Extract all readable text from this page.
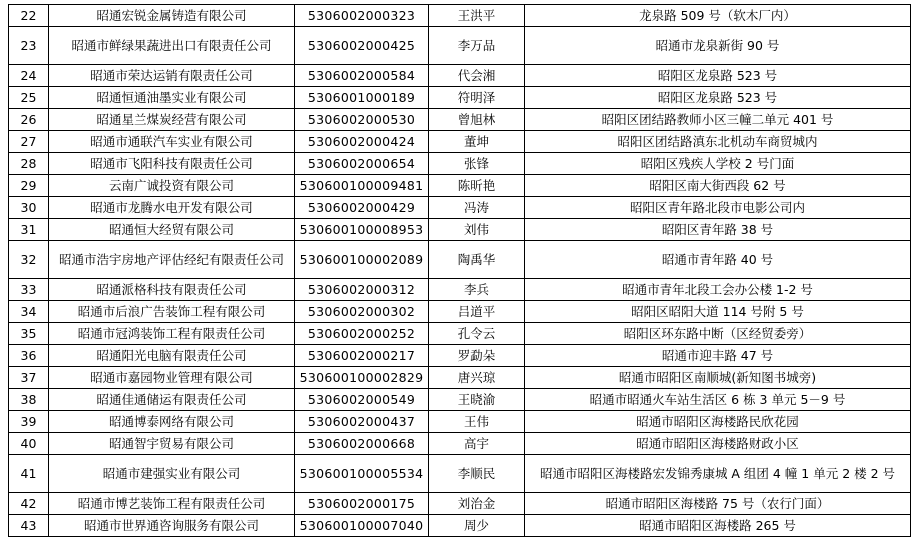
22	昭通宏锐金属铸造有限公司	5306002000323	王洪平	龙泉路 509 号（软木厂内）
23	昭通市鲜绿果蔬进出口有限责任公司	5306002000425	李万品	昭通市龙泉新街 90 号
24	昭通市荣达运销有限责任公司	5306002000584	代会湘	昭阳区龙泉路 523 号
25	昭通恒通油墨实业有限公司	5306001000189	符明泽	昭阳区龙泉路 523 号
26	昭通星兰煤炭经营有限公司	5306002000530	曾旭林	昭阳区团结路教师小区三幢二单元 401 号
27	昭通市通联汽车实业有限公司	5306002000424	董坤	昭阳区团结路滇东北机动车商贸城内
28	昭通市飞阳科技有限责任公司	5306002000654	张锋	昭阳区残疾人学校 2 号门面
29	云南广诚投资有限公司	530600100009481	陈昕艳	昭阳区南大街西段 62 号
30	昭通市龙腾水电开发有限公司	5306002000429	冯涛	昭阳区青年路北段市电影公司内
31	昭通恒大经贸有限公司	530600100008953	刘伟	昭阳区青年路 38 号
32	昭通市浩宇房地产评估经纪有限责任公司	530600100002089	陶禹华	昭通市青年路 40 号
33	昭通派格科技有限责任公司	5306002000312	李兵	昭通市青年北段工会办公楼 1-2 号
34	昭通市后浪广告装饰工程有限公司	5306002000302	吕道平	昭阳区昭阳大道 114 号附 5 号
35	昭通市冠鸿装饰工程有限责任公司	5306002000252	孔令云	昭阳区环东路中断（区经贸委旁）
36	昭通阳光电脑有限责任公司	5306002000217	罗勐朵	昭通市迎丰路 47 号
37	昭通市嘉园物业管理有限公司	530600100002829	唐兴琼	昭通市昭阳区南顺城(新知图书城旁)
38	昭通佳通储运有限责任公司	5306002000549	王晓渝	昭通市昭通火车站生活区 6 栋 3 单元 5－9 号
39	昭通博泰网络有限公司	5306002000437	王伟	昭通市昭阳区海楼路民欣花园
40	昭通智宇贸易有限公司	5306002000668	高宇	昭通市昭阳区海楼路财政小区
41	昭通市建强实业有限公司	530600100005534	李顺民	昭通市昭阳区海楼路宏发锦秀康城 A 组团 4 幢 1 单元 2 楼 2 号
42	昭通市博艺装饰工程有限责任公司	5306002000175	刘治金	昭通市昭阳区海楼路 75 号（农行门面）
43	昭通市世界通咨询服务有限公司	530600100007040	周少	昭通市昭阳区海楼路 265 号
